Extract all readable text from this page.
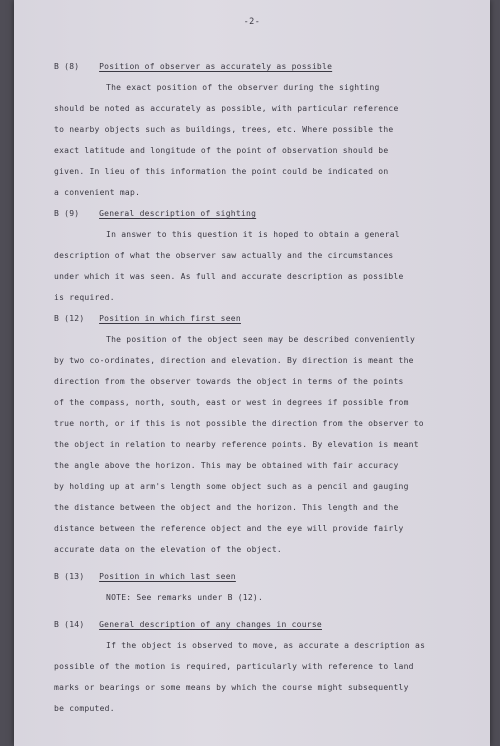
-2-
B (8) Position of observer as accurately as possible
The exact position of the observer during the sighting
should be noted as accurately as possible, with particular reference
to nearby objects such as buildings, trees, etc. Where possible the
exact latitude and longitude of the point of observation should be
given. In lieu of this information the point could be indicated on
a convenient map.
B (9) General description of sighting
In answer to this question it is hoped to obtain a general
description of what the observer saw actually and the circumstances
under which it was seen. As full and accurate description as possible
is required.
B (12) Position in which first seen
The position of the object seen may be described conveniently
by two co-ordinates, direction and elevation. By direction is meant the
direction from the observer towards the object in terms of the points
of the compass, north, south, east or west in degrees if possible from
true north, or if this is not possible the direction from the observer to
the object in relation to nearby reference points. By elevation is meant
the angle above the horizon. This may be obtained with fair accuracy
by holding up at arm's length some object such as a pencil and gauging
the distance between the object and the horizon. This length and the
distance between the reference object and the eye will provide fairly
accurate data on the elevation of the object.
B (13) Position in which last seen
NOTE: See remarks under B (12).
B (14) General description of any changes in course
If the object is observed to move, as accurate a description as
possible of the motion is required, particularly with reference to land
marks or bearings or some means by which the course might subsequently
be computed.
